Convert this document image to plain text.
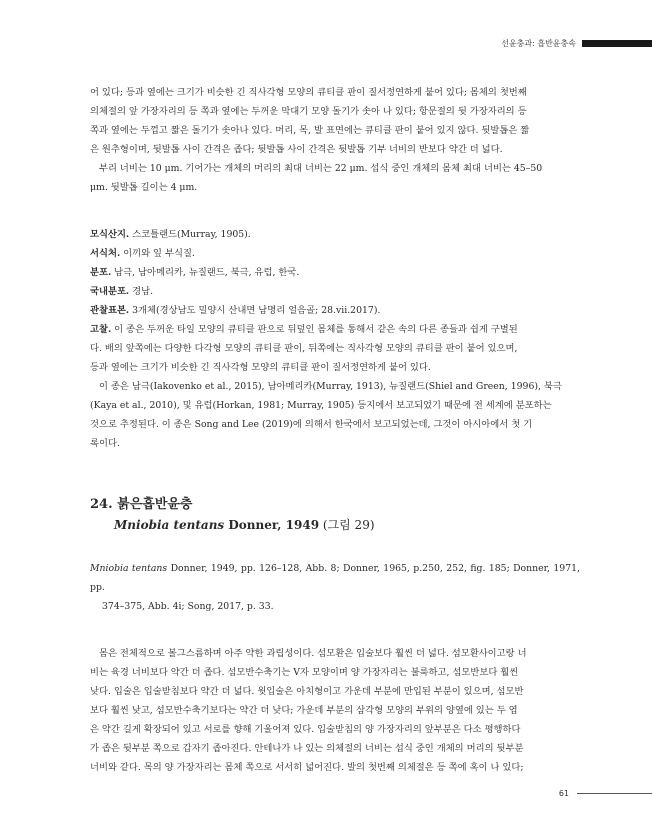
선윤충과: 흡반윤충속

어 있다; 등과 옆에는 크기가 비슷한 긴 직사각형 모양의 큐티클 판이 질서정연하게 붙어 있다; 몸체의 첫번째
의체절의 앞 가장자리의 등 쪽과 옆에는 두꺼운 막대기 모양 돌기가 솟아 나 있다; 항문절의 뒷 가장자리의 등
쪽과 옆에는 두껍고 짧은 돌기가 솟아나 있다. 머리, 목, 발 표면에는 큐티클 판이 붙어 있지 않다. 뒷발톱은 짧
은 원추형이며, 뒷발톱 사이 간격은 좁다; 뒷발톱 사이 간격은 뒷발톱 기부 너비의 반보다 약간 더 넓다.

부리 너비는 10 μm. 기어가는 개체의 머리의 최대 너비는 22 μm. 섭식 중인 개체의 몸체 최대 너비는 45–50
μm. 뒷발톱 길이는 4 μm.

모식산지. 스코틀랜드(Murray, 1905).

서식처. 이끼와 잎 부식질.

분포. 남극, 남아메리카, 뉴질랜드, 북극, 유럽, 한국.

국내분포. 경남.

관찰표본. 3개체(경상남도 밀양시 산내면 남명리 얼음골; 28.vii.2017).

고찰. 이 종은 두꺼운 타일 모양의 큐티클 판으로 뒤덮인 몸체를 통해서 같은 속의 다른 종들과 쉽게 구별된
다. 배의 앞쪽에는 다양한 다각형 모양의 큐티클 판이, 뒤쪽에는 직사각형 모양의 큐티클 판이 붙어 있으며,
등과 옆에는 크기가 비슷한 긴 직사각형 모양의 큐티클 판이 질서정연하게 붙어 있다.

이 종은 남극(Iakovenko et al., 2015), 남아메리카(Murray, 1913), 뉴질랜드(Shiel and Green, 1996), 북극
(Kaya et al., 2010), 및 유럽(Horkan, 1981; Murray, 1905) 등지에서 보고되었기 때문에 전 세계에 분포하는
것으로 추정된다. 이 종은 Song and Lee (2019)에 의해서 한국에서 보고되었는데, 그것이 아시아에서 첫 기
록이다.

24. 붉은흡반윤충

Mniobia tentans Donner, 1949 (그림 29)

Mniobia tentans Donner, 1949, pp. 126–128, Abb. 8; Donner, 1965, p.250, 252, fig. 185; Donner, 1971, pp.
374–375, Abb. 4i; Song, 2017, p. 33.

몸은 전체적으로 볼그스름하며 아주 약한 과립성이다. 섬모환은 입술보다 훨씬 더 넓다. 섬모환사이고랑 너
비는 육경 너비보다 약간 더 좁다. 섬모반수축기는 V자 모양이며 양 가장자리는 불룩하고, 섬모반보다 훨씬
낮다. 입술은 입술받침보다 약간 더 넓다. 윗입술은 아치형이고 가운데 부분에 만입된 부분이 있으며, 섬모반
보다 훨씬 낮고, 섬모반수축기보다는 약간 더 낮다; 가운데 부분의 삼각형 모양의 부위의 양옆에 있는 두 엽
은 약간 길게 확장되어 있고 서로를 향해 기울어져 있다. 입술받침의 양 가장자리의 앞부분은 다소 평행하다
가 좁은 뒷부분 쪽으로 갑자기 좁아진다. 안테나가 나 있는 의체절의 너비는 섭식 중인 개체의 머리의 뒷부분
너비와 같다. 목의 양 가장자리는 몸체 쪽으로 서서히 넓어진다. 발의 첫번째 의체절은 등 쪽에 혹이 나 있다;

61
